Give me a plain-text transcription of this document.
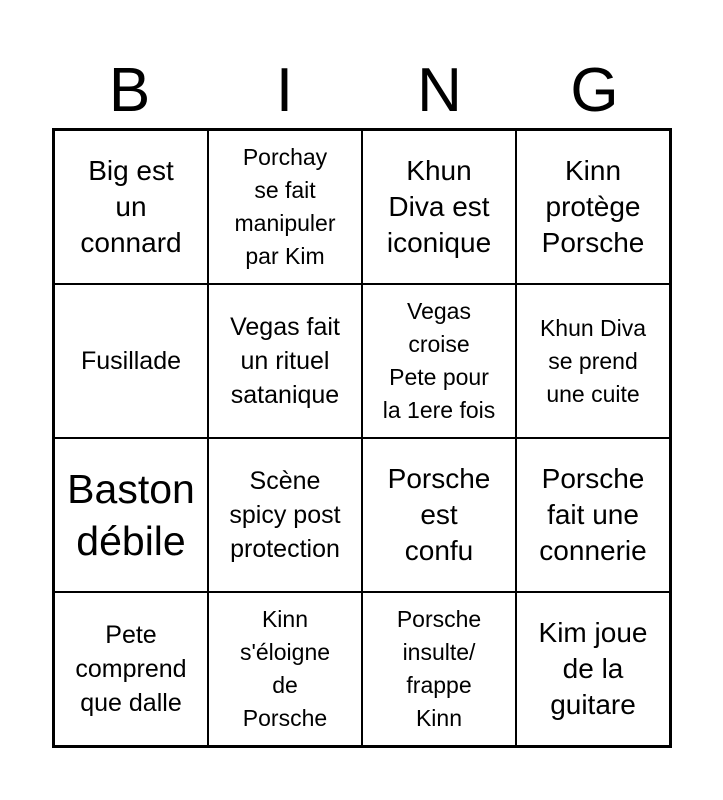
B	I	N	G
Big est
un
connard
Porchay
se fait
manipuler
par Kim
Khun
Diva est
iconique
Kinn
protège
Porsche
Fusillade
Vegas fait
un rituel
satanique
Vegas
croise
Pete pour
la 1ere fois
Khun Diva
se prend
une cuite
Baston
débile
Scène
spicy post
protection
Porsche
est
confu
Porsche
fait une
connerie
Pete
comprend
que dalle
Kinn
s'éloigne
de
Porsche
Porsche
insulte/
frappe
Kinn
Kim joue
de la
guitare
